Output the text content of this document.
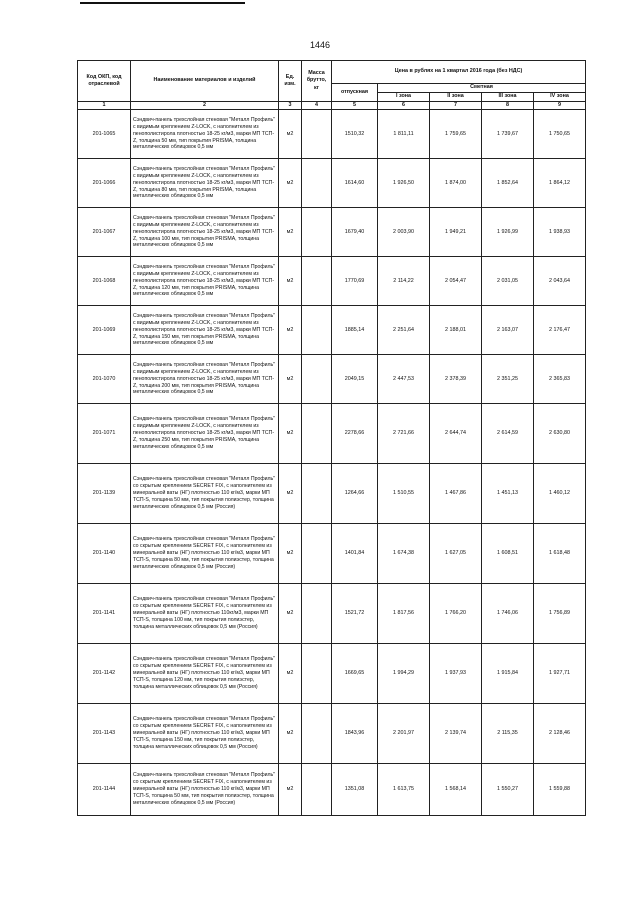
1446
Код ОКП, код отраслевой	Наименование материалов и изделий	Ед. изм.	Масса брутто, кг	Цена в рублях на 1 квартал 2016 года (без НДС)				
				отпускная	Сметная			
					I зона	II зона	III зона	IV зона
1	2	3	4	5	6	7	8	9
201-1065	Сэндвич-панель трехслойная стеновая "Металл Профиль" с видимым креплением Z-LOCK, с наполнителем из пенополистирола плотностью 18-25 кг/м3, марки МП ТСП-Z, толщина 50 мм, тип покрытия PRISMA, толщина металлических облицовок 0,5 мм	м2		1510,32	1 811,11	1 759,65	1 739,67	1 750,65
201-1066	Сэндвич-панель трехслойная стеновая "Металл Профиль" с видимым креплением Z-LOCK, с наполнителем из пенополистирола плотностью 18-25 кг/м3, марки МП ТСП-Z, толщина 80 мм, тип покрытия PRISMA, толщина металлических облицовок 0,5 мм	м2		1614,60	1 926,50	1 874,00	1 852,64	1 864,12
201-1067	Сэндвич-панель трехслойная стеновая "Металл Профиль" с видимым креплением Z-LOCK, с наполнителем из пенополистирола плотностью 18-25 кг/м3, марки МП ТСП-Z, толщина 100 мм, тип покрытия PRISMA, толщина металлических облицовок 0,5 мм	м2		1679,40	2 003,90	1 949,21	1 926,99	1 938,93
201-1068	Сэндвич-панель трехслойная стеновая "Металл Профиль" с видимым креплением Z-LOCK, с наполнителем из пенополистирола плотностью 18-25 кг/м3, марки МП ТСП-Z, толщина 120 мм, тип покрытия PRISMA, толщина металлических облицовок 0,5 мм	м2		1770,69	2 114,22	2 054,47	2 031,05	2 043,64
201-1069	Сэндвич-панель трехслойная стеновая "Металл Профиль" с видимым креплением Z-LOCK, с наполнителем из пенополистирола плотностью 18-25 кг/м3, марки МП ТСП-Z, толщина 150 мм, тип покрытия PRISMA, толщина металлических облицовок 0,5 мм	м2		1885,14	2 251,64	2 188,01	2 163,07	2 176,47
201-1070	Сэндвич-панель трехслойная стеновая "Металл Профиль" с видимым креплением Z-LOCK, с наполнителем из пенополистирола плотностью 18-25 кг/м3, марки МП ТСП-Z, толщина 200 мм, тип покрытия PRISMA, толщина металлических облицовок 0,5 мм	м2		2049,15	2 447,53	2 378,39	2 351,25	2 365,83
201-1071	Сэндвич-панель трехслойная стеновая "Металл Профиль" с видимым креплением Z-LOCK, с наполнителем из пенополистирола плотностью 18-25 кг/м3, марки МП ТСП-Z, толщина 250 мм, тип покрытия PRISMA, толщина металлических облицовок 0,5 мм	м2		2278,66	2 721,66	2 644,74	2 614,59	2 630,80
201-1139	Сэндвич-панель трехслойная стеновая "Металл Профиль" со скрытым креплением SECRET FIX, с наполнителем из минеральной ваты (НГ) плотностью 110 кг/м3, марки МП ТСП-S, толщина 50 мм, тип покрытия полиэстер, толщина металлических облицовок 0,5 мм (Россия)	м2		1264,66	1 510,55	1 467,86	1 451,13	1 460,12
201-1140	Сэндвич-панель трехслойная стеновая "Металл Профиль" со скрытым креплением SECRET FIX, с наполнителем из минеральной ваты (НГ) плотностью 110 кг/м3, марки МП ТСП-S, толщина 80 мм, тип покрытия полиэстер, толщина металлических облицовок 0,5 мм (Россия)	м2		1401,84	1 674,38	1 627,05	1 608,51	1 618,48
201-1141	Сэндвич-панель трехслойная стеновая "Металл Профиль" со скрытым креплением SECRET FIX, с наполнителем из минеральной ваты (НГ) плотностью 110кг/м3, марки МП ТСП-S, толщина 100 мм, тип покрытия полиэстер, толщина металлических облицовок 0,5 мм (Россия)	м2		1521,72	1 817,56	1 766,20	1 746,06	1 756,89
201-1142	Сэндвич-панель трехслойная стеновая "Металл Профиль" со скрытым креплением SECRET FIX, с наполнителем из минеральной ваты (НГ) плотностью 110 кг/м3, марки МП ТСП-S, толщина 120 мм, тип покрытия полиэстер, толщина металлических облицовок 0,5 мм (Россия)	м2		1669,65	1 994,29	1 937,93	1 915,84	1 927,71
201-1143	Сэндвич-панель трехслойная стеновая "Металл Профиль" со скрытым креплением SECRET FIX, с наполнителем из минеральной ваты (НГ) плотностью 110 кг/м3, марки МП ТСП-S, толщина 150 мм, тип покрытия полиэстер, толщина металлических облицовок 0,5 мм (Россия)	м2		1843,96	2 201,97	2 139,74	2 115,35	2 128,46
201-1144	Сэндвич-панель трехслойная стеновая "Металл Профиль" со скрытым креплением SECRET FIX, с наполнителем из минеральной ваты (НГ) плотностью 110 кг/м3, марки МП ТСП-S, толщина 50 мм, тип покрытия полиэстер, толщина металлических облицовок 0,5 мм (Россия)	м2		1351,08	1 613,75	1 568,14	1 550,27	1 559,88
